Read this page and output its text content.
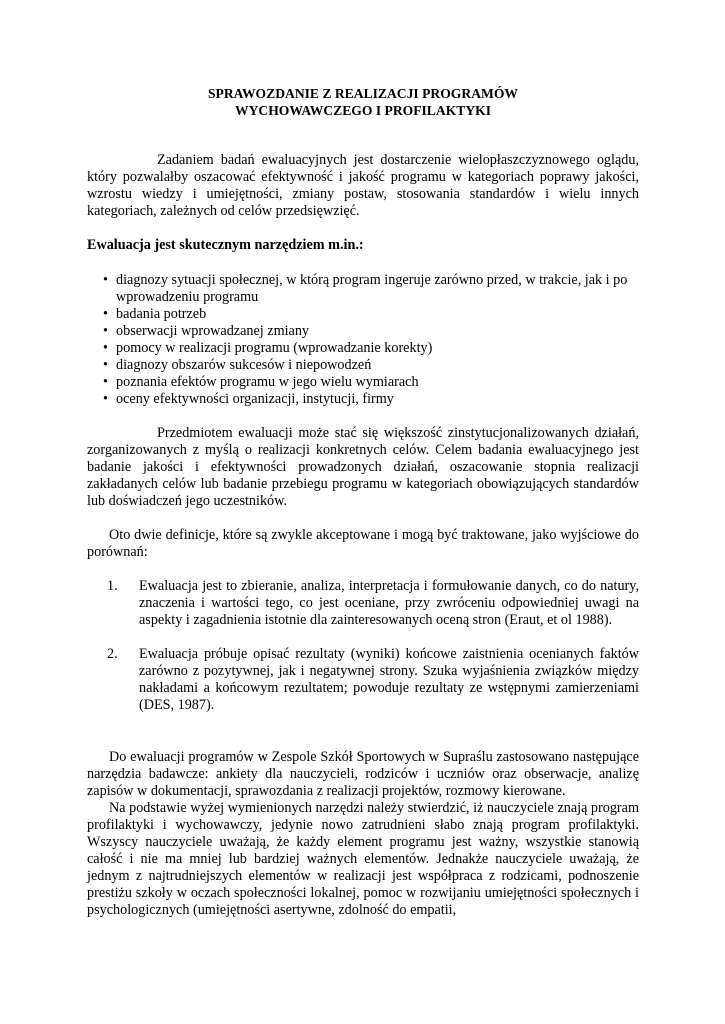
SPRAWOZDANIE Z REALIZACJI PROGRAMÓW
WYCHOWAWCZEGO I PROFILAKTYKI

Zadaniem badań ewaluacyjnych jest dostarczenie wielopłaszczyznowego oglądu, który pozwalałby oszacować efektywność i jakość programu w kategoriach poprawy jakości, wzrostu wiedzy i umiejętności, zmiany postaw, stosowania standardów i wielu innych kategoriach, zależnych od celów przedsięwzięć.

Ewaluacja jest skutecznym narzędziem m.in.:

• diagnozy sytuacji społecznej, w którą program ingeruje zarówno przed, w trakcie, jak i po wprowadzeniu programu
• badania potrzeb
• obserwacji wprowadzanej zmiany
• pomocy w realizacji programu (wprowadzanie korekty)
• diagnozy obszarów sukcesów i niepowodzeń
• poznania efektów programu w jego wielu wymiarach
• oceny efektywności organizacji, instytucji, firmy

Przedmiotem ewaluacji może stać się większość zinstytucjonalizowanych działań, zorganizowanych z myślą o realizacji konkretnych celów. Celem badania ewaluacyjnego jest badanie jakości i efektywności prowadzonych działań, oszacowanie stopnia realizacji zakładanych celów lub badanie przebiegu programu w kategoriach obowiązujących standardów lub doświadczeń jego uczestników.

Oto dwie definicje, które są zwykle akceptowane i mogą być traktowane, jako wyjściowe do porównań:

1. Ewaluacja jest to zbieranie, analiza, interpretacja i formułowanie danych, co do natury, znaczenia i wartości tego, co jest oceniane, przy zwróceniu odpowiedniej uwagi na aspekty i zagadnienia istotnie dla zainteresowanych oceną stron (Eraut, et ol 1988).
2. Ewaluacja próbuje opisać rezultaty (wyniki) końcowe zaistnienia ocenianych faktów zarówno z pozytywnej, jak i negatywnej strony. Szuka wyjaśnienia związków między nakładami a końcowym rezultatem; powoduje rezultaty ze wstępnymi zamierzeniami (DES, 1987).

Do ewaluacji programów w Zespole Szkół Sportowych w Supraślu zastosowano następujące narzędzia badawcze: ankiety dla nauczycieli, rodziców i uczniów oraz obserwacje, analizę zapisów w dokumentacji, sprawozdania z realizacji projektów, rozmowy kierowane.

Na podstawie wyżej wymienionych narzędzi należy stwierdzić, iż nauczyciele znają program profilaktyki i wychowawczy, jedynie nowo zatrudnieni słabo znają program profilaktyki. Wszyscy nauczyciele uważają, że każdy element programu jest ważny, wszystkie stanowią całość i nie ma mniej lub bardziej ważnych elementów. Jednakże nauczyciele uważają, że jednym z najtrudniejszych elementów w realizacji jest współpraca z rodzicami, podnoszenie prestiżu szkoły w oczach społeczności lokalnej, pomoc w rozwijaniu umiejętności społecznych i psychologicznych (umiejętności asertywne, zdolność do empatii,
